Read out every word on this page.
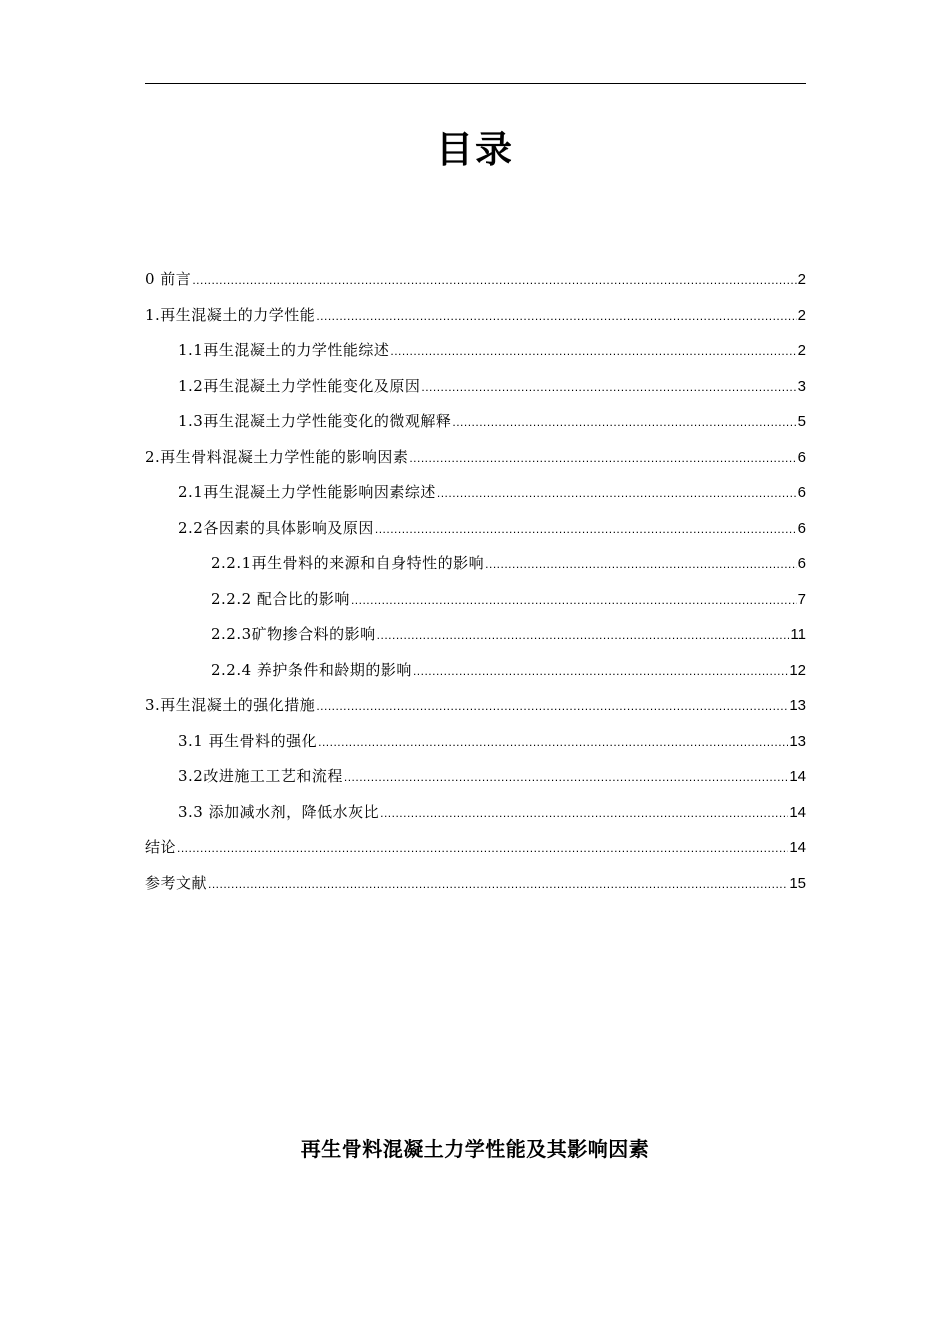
目录
0 前言 .....	2
1.再生混凝土的力学性能 .....	2
1.1再生混凝土的力学性能综述 .....	2
1.2再生混凝土力学性能变化及原因 .....	3
1.3再生混凝土力学性能变化的微观解释 .....	5
2.再生骨料混凝土力学性能的影响因素 .....	6
2.1再生混凝土力学性能影响因素综述 .....	6
2.2各因素的具体影响及原因 .....	6
2.2.1再生骨料的来源和自身特性的影响 .....	6
2.2.2 配合比的影响 .....	7
2.2.3矿物掺合料的影响 .....	11
2.2.4 养护条件和龄期的影响 .....	12
3.再生混凝土的强化措施 .....	13
3.1 再生骨料的强化 .....	13
3.2改进施工工艺和流程 .....	14
3.3 添加减水剂，降低水灰比 .....	14
结论 .....	14
参考文献 .....	15
再生骨料混凝土力学性能及其影响因素
